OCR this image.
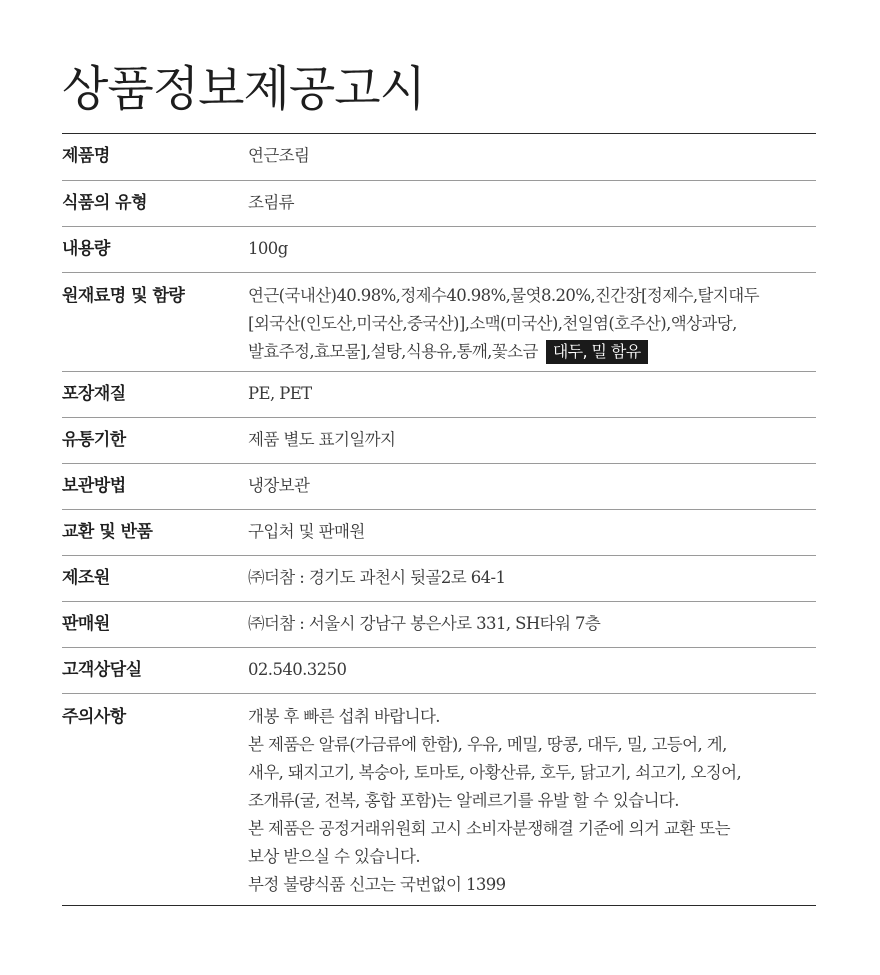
상품정보제공고시
제품명	연근조림
식품의 유형	조림류
내용량	100g
원재료명 및 함량	연근(국내산)40.98%,정제수40.98%,물엿8.20%,진간장[정제수,탈지대두

[외국산(인도산,미국산,중국산)],소맥(미국산),천일염(호주산),액상과당,

발효주정,효모물],설탕,식용유,통깨,꽃소금 대두, 밀 함유

포장재질	PE, PET
유통기한	제품 별도 표기일까지
보관방법	냉장보관
교환 및 반품	구입처 및 판매원
제조원	㈜더참 : 경기도 과천시 뒷골2로 64-1
판매원	㈜더참 : 서울시 강남구 봉은사로 331, SH타워 7층
고객상담실	02.540.3250
주의사항	개봉 후 빠른 섭취 바랍니다.

본 제품은 알류(가금류에 한함), 우유, 메밀, 땅콩, 대두, 밀, 고등어, 게,

새우, 돼지고기, 복숭아, 토마토, 아황산류, 호두, 닭고기, 쇠고기, 오징어,

조개류(굴, 전복, 홍합 포함)는 알레르기를 유발 할 수 있습니다.

본 제품은 공정거래위원회 고시 소비자분쟁해결 기준에 의거 교환 또는

보상 받으실 수 있습니다.

부정 불량식품 신고는 국번없이 1399
